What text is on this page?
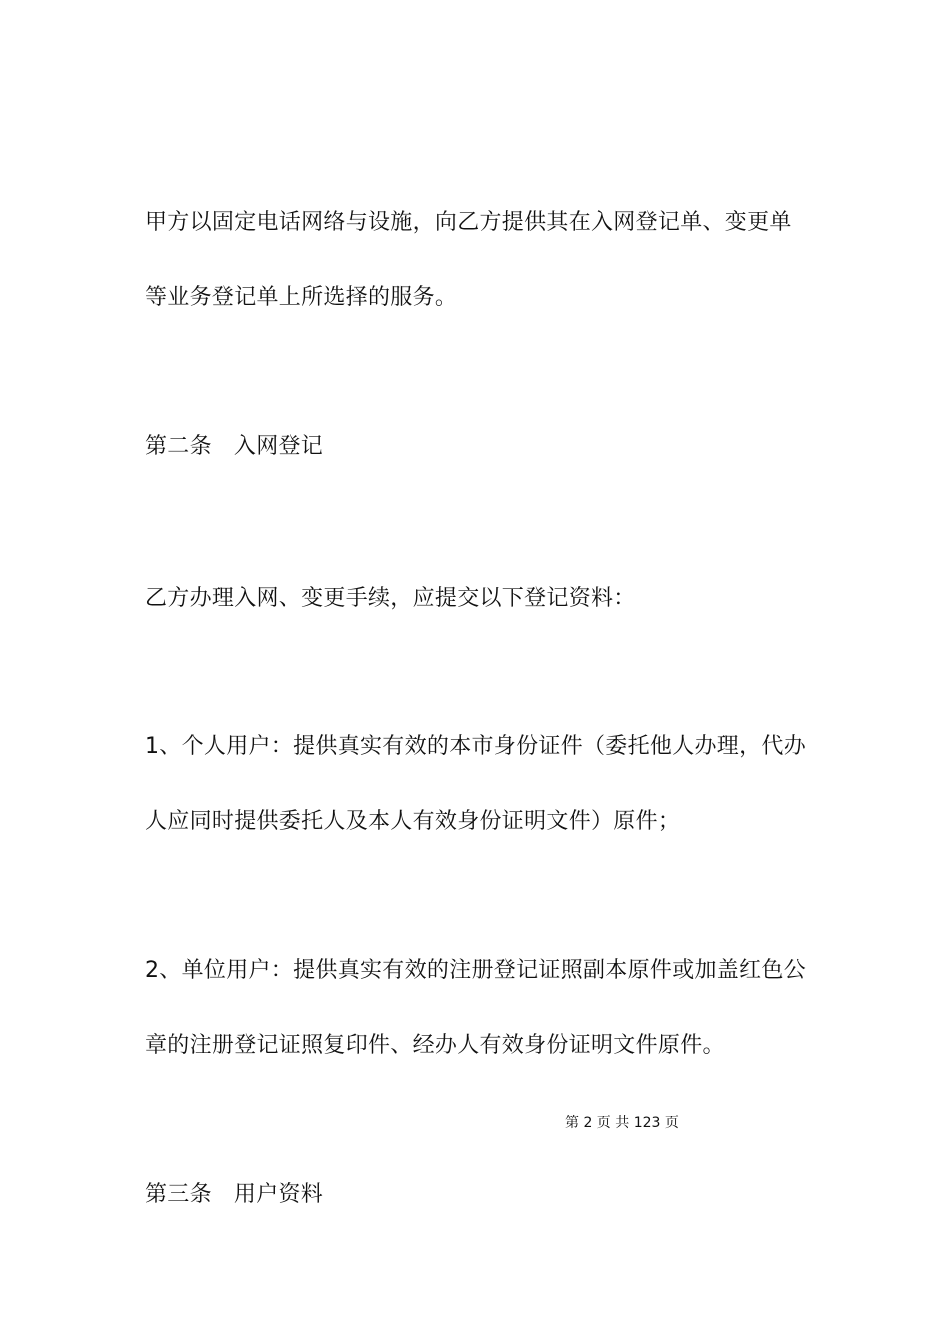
甲方以固定电话网络与设施，向乙方提供其在入网登记单、变更单
等业务登记单上所选择的服务。
第二条 入网登记
乙方办理入网、变更手续，应提交以下登记资料：
1、个人用户：提供真实有效的本市身份证件（委托他人办理，代办
人应同时提供委托人及本人有效身份证明文件）原件；
2、单位用户：提供真实有效的注册登记证照副本原件或加盖红色公
章的注册登记证照复印件、经办人有效身份证明文件原件。
第 2 页 共 123 页
第三条 用户资料
